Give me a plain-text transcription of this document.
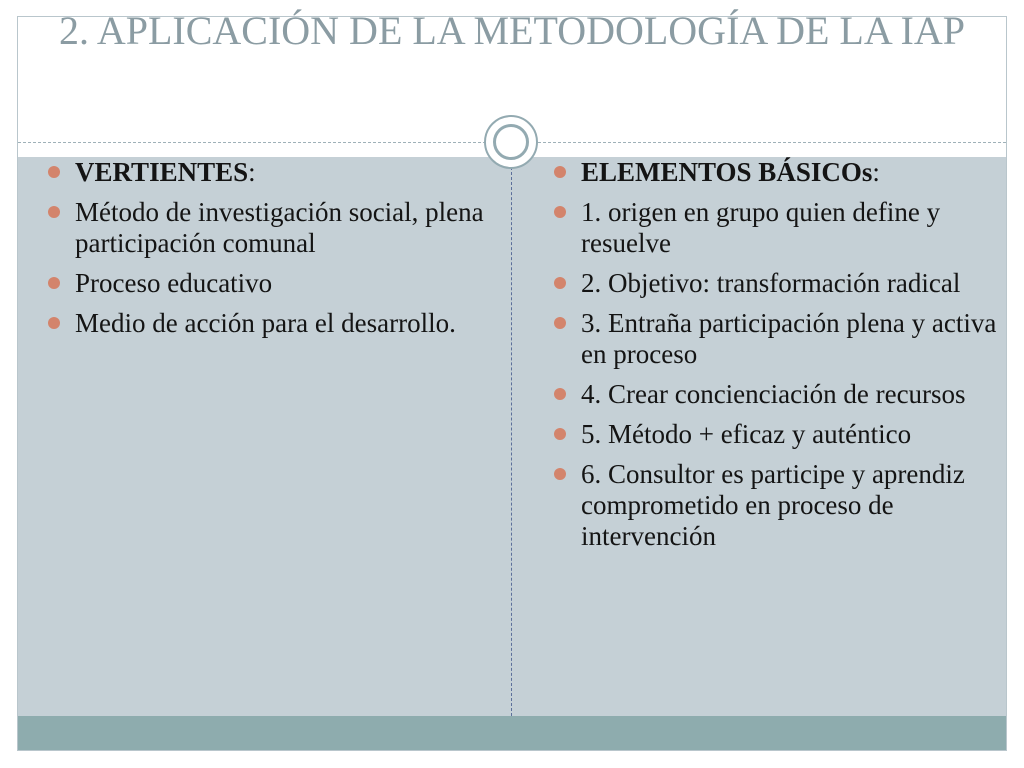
2. APLICACIÓN DE LA METODOLOGÍA DE LA IAP
VERTIENTES:
Método de investigación social, plena participación comunal
Proceso educativo
Medio de acción para el desarrollo.
ELEMENTOS BÁSICOs:
1. origen en grupo quien define y resuelve
2. Objetivo: transformación radical
3. Entraña participación plena y activa en proceso
4. Crear concienciación de recursos
5. Método + eficaz y auténtico
6. Consultor es participe y aprendiz comprometido en proceso de intervención
